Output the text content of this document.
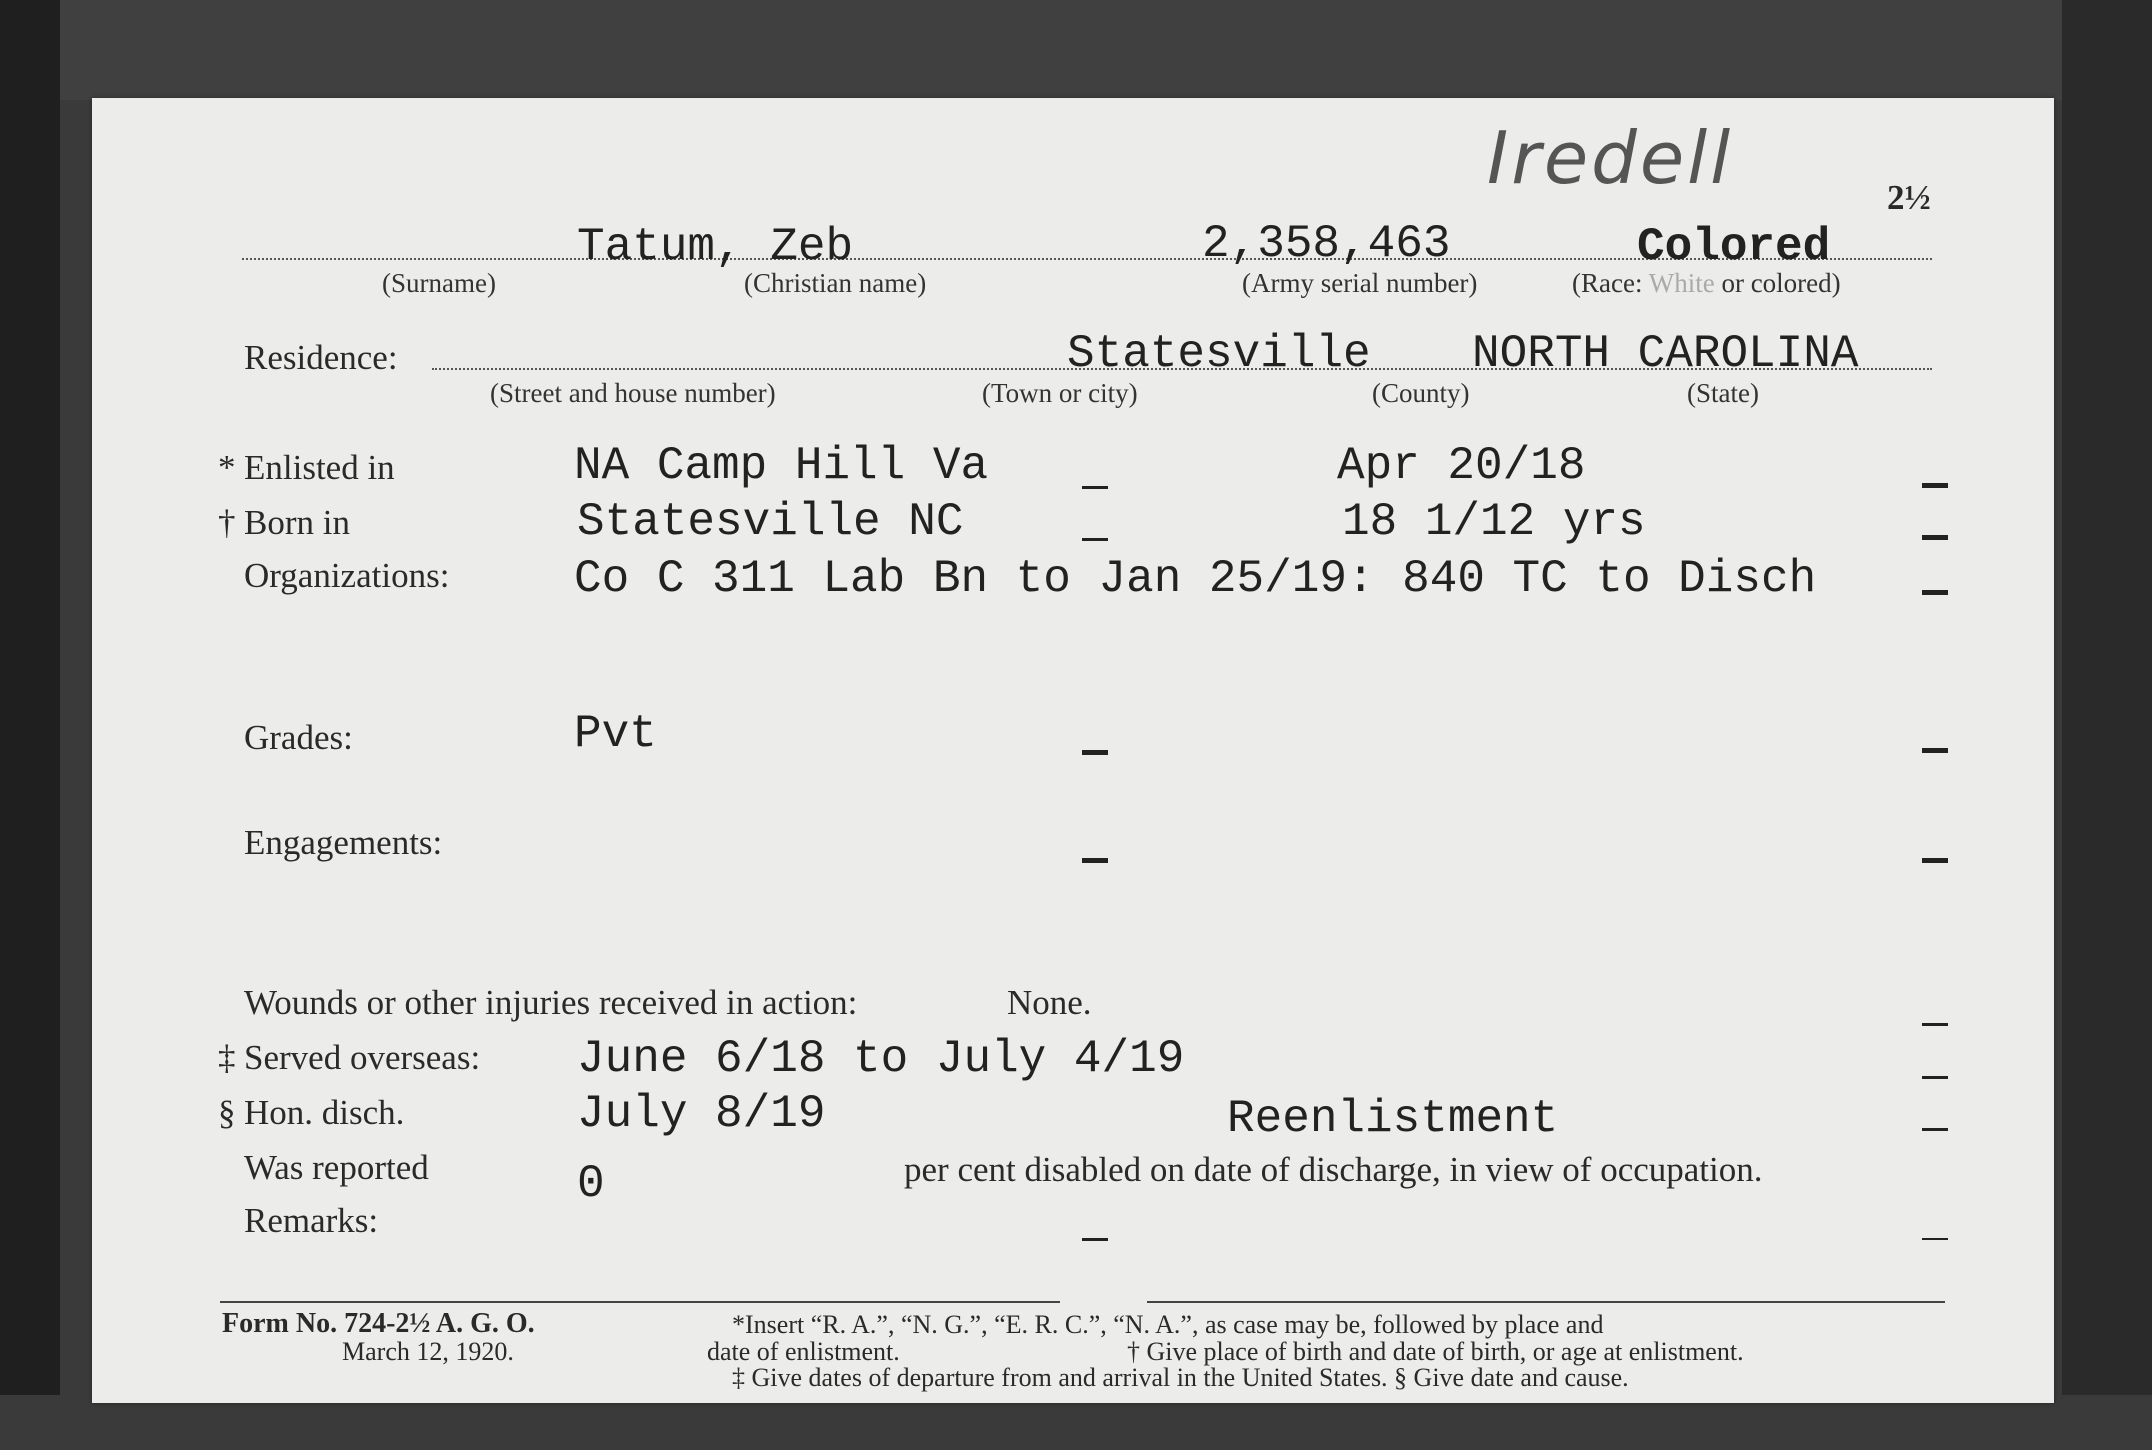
Iredell	2½
Tatum, Zeb	2,358,463	Colored
(Surname)	(Christian name)	(Army serial number)	(Race: White or colored)
Residence:	Statesville NORTH CAROLINA
(Street and house number)	(Town or city)	(County)	(State)
* Enlisted in	NA Camp Hill Va	Apr 20/18
† Born in	Statesville NC	18 1/12 yrs
Organizations:	Co C 311 Lab Bn to Jan 25/19: 840 TC to Disch
Grades:	Pvt
Engagements:
Wounds or other injuries received in action:	None.
‡ Served overseas: June 6/18 to July 4/19
§ Hon. disch.	July 8/19	Reenlistment
Was reported	0	per cent disabled on date of discharge, in view of occupation.
Remarks:
Form No. 724-2½ A. G. O.
March 12, 1920.
*Insert “R. A.”, “N. G.”, “E. R. C.”, “N. A.”, as case may be, followed by place and
date of enlistment.	† Give place of birth and date of birth, or age at enlistment.
‡ Give dates of departure from and arrival in the United States. § Give date and cause.
